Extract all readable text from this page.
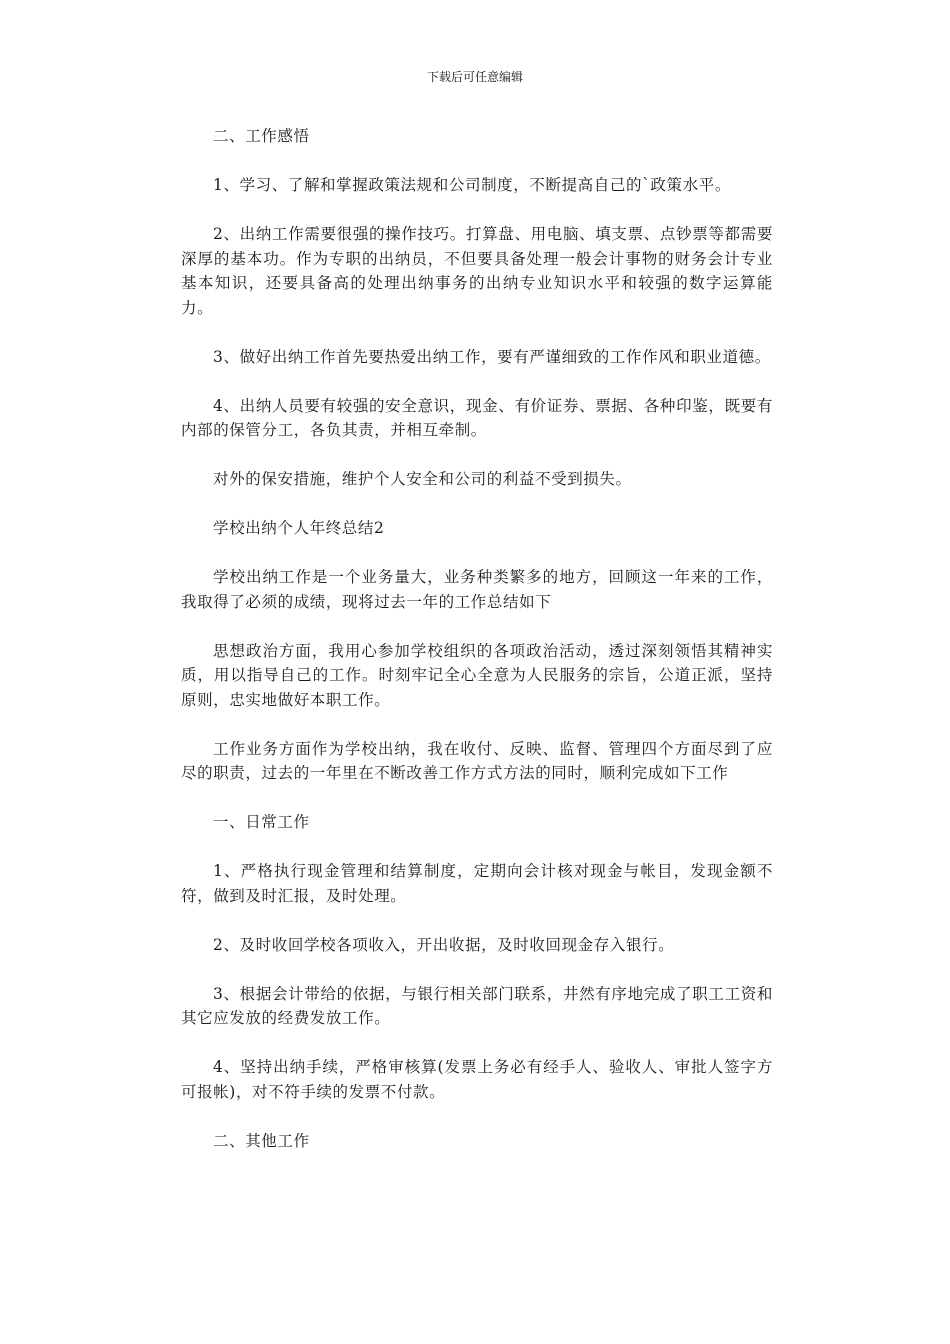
下载后可任意编辑

二、工作感悟

1、学习、了解和掌握政策法规和公司制度，不断提高自己的`政策水平。

2、出纳工作需要很强的操作技巧。打算盘、用电脑、填支票、点钞票等都需要深厚的基本功。作为专职的出纳员，不但要具备处理一般会计事物的财务会计专业基本知识，还要具备高的处理出纳事务的出纳专业知识水平和较强的数字运算能力。

3、做好出纳工作首先要热爱出纳工作，要有严谨细致的工作作风和职业道德。

4、出纳人员要有较强的安全意识，现金、有价证券、票据、各种印鉴，既要有内部的保管分工，各负其责，并相互牵制。

对外的保安措施，维护个人安全和公司的利益不受到损失。

学校出纳个人年终总结2

学校出纳工作是一个业务量大，业务种类繁多的地方，回顾这一年来的工作，我取得了必须的成绩，现将过去一年的工作总结如下

思想政治方面，我用心参加学校组织的各项政治活动，透过深刻领悟其精神实质，用以指导自己的工作。时刻牢记全心全意为人民服务的宗旨，公道正派，坚持原则，忠实地做好本职工作。

工作业务方面作为学校出纳，我在收付、反映、监督、管理四个方面尽到了应尽的职责，过去的一年里在不断改善工作方式方法的同时，顺利完成如下工作

一、日常工作

1、严格执行现金管理和结算制度，定期向会计核对现金与帐目，发现金额不符，做到及时汇报，及时处理。

2、及时收回学校各项收入，开出收据，及时收回现金存入银行。

3、根据会计带给的依据，与银行相关部门联系，井然有序地完成了职工工资和其它应发放的经费发放工作。

4、坚持出纳手续，严格审核算(发票上务必有经手人、验收人、审批人签字方可报帐)，对不符手续的发票不付款。

二、其他工作
